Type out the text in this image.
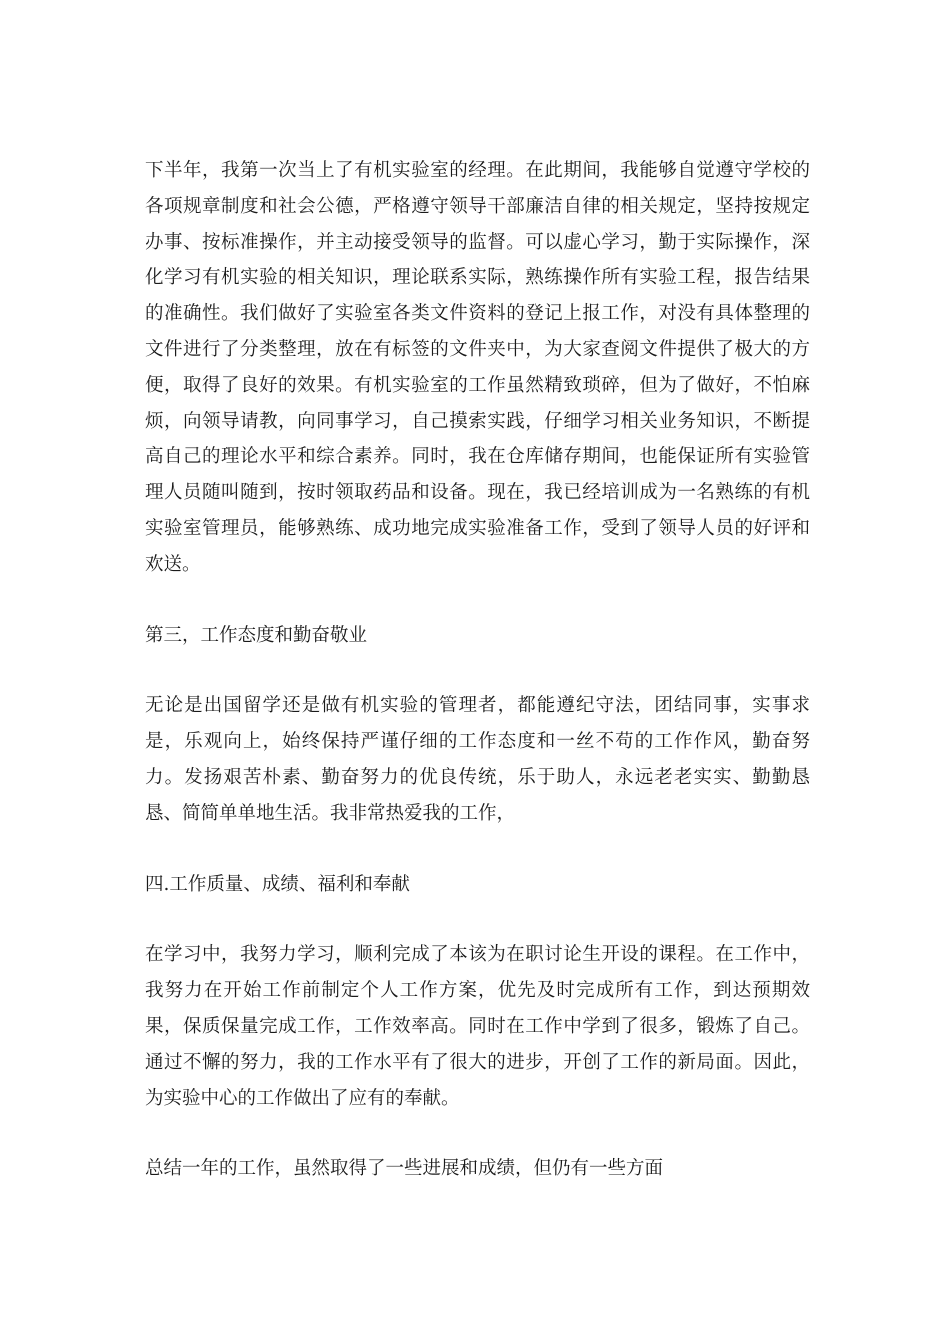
下半年，我第一次当上了有机实验室的经理。在此期间，我能够自觉遵守学校的各项规章制度和社会公德，严格遵守领导干部廉洁自律的相关规定，坚持按规定办事、按标准操作，并主动接受领导的监督。可以虚心学习，勤于实际操作，深化学习有机实验的相关知识，理论联系实际，熟练操作所有实验工程，报告结果的准确性。我们做好了实验室各类文件资料的登记上报工作，对没有具体整理的文件进行了分类整理，放在有标签的文件夹中，为大家查阅文件提供了极大的方便，取得了良好的效果。有机实验室的工作虽然精致琐碎，但为了做好，不怕麻烦，向领导请教，向同事学习，自己摸索实践，仔细学习相关业务知识，不断提高自己的理论水平和综合素养。同时，我在仓库储存期间，也能保证所有实验管理人员随叫随到，按时领取药品和设备。现在，我已经培训成为一名熟练的有机实验室管理员，能够熟练、成功地完成实验准备工作，受到了领导人员的好评和欢送。

第三，工作态度和勤奋敬业

无论是出国留学还是做有机实验的管理者，都能遵纪守法，团结同事，实事求是，乐观向上，始终保持严谨仔细的工作态度和一丝不苟的工作作风，勤奋努力。发扬艰苦朴素、勤奋努力的优良传统，乐于助人，永远老老实实、勤勤恳恳、简简单单地生活。我非常热爱我的工作，

四.工作质量、成绩、福利和奉献

在学习中，我努力学习，顺利完成了本该为在职讨论生开设的课程。在工作中，我努力在开始工作前制定个人工作方案，优先及时完成所有工作，到达预期效果，保质保量完成工作，工作效率高。同时在工作中学到了很多，锻炼了自己。通过不懈的努力，我的工作水平有了很大的进步，开创了工作的新局面。因此，为实验中心的工作做出了应有的奉献。

总结一年的工作，虽然取得了一些进展和成绩，但仍有一些方面
